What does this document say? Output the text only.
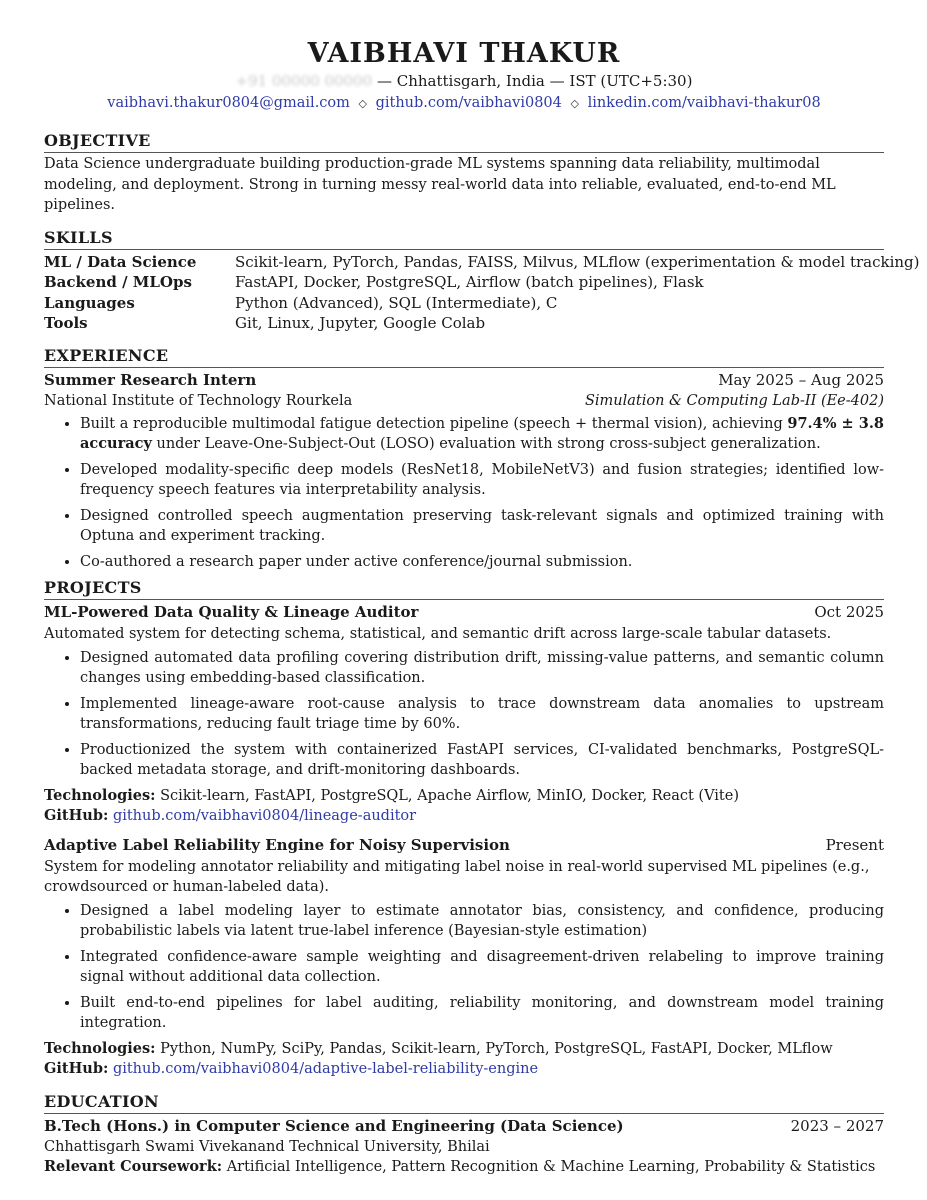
VAIBHAVI THAKUR
+91 00000 00000 — Chhattisgarh, India — IST (UTC+5:30)
vaibhavi.thakur0804@gmail.com ◇ github.com/vaibhavi0804 ◇ linkedin.com/vaibhavi-thakur08
OBJECTIVE
Data Science undergraduate building production-grade ML systems spanning data reliability, multimodal modeling, and deployment. Strong in turning messy real-world data into reliable, evaluated, end-to-end ML pipelines.
SKILLS
ML / Data Science	Scikit-learn, PyTorch, Pandas, FAISS, Milvus, MLflow (experimentation & model tracking)
Backend / MLOps	FastAPI, Docker, PostgreSQL, Airflow (batch pipelines), Flask
Languages	Python (Advanced), SQL (Intermediate), C
Tools	Git, Linux, Jupyter, Google Colab
EXPERIENCE
Summer Research Intern	May 2025 – Aug 2025
National Institute of Technology Rourkela	Simulation & Computing Lab-II (Ee-402)
• Built a reproducible multimodal fatigue detection pipeline (speech + thermal vision), achieving 97.4% ± 3.8 accuracy under Leave-One-Subject-Out (LOSO) evaluation with strong cross-subject generalization.
• Developed modality-specific deep models (ResNet18, MobileNetV3) and fusion strategies; identified low-frequency speech features via interpretability analysis.
• Designed controlled speech augmentation preserving task-relevant signals and optimized training with Optuna and experiment tracking.
• Co-authored a research paper under active conference/journal submission.
PROJECTS
ML-Powered Data Quality & Lineage Auditor	Oct 2025
Automated system for detecting schema, statistical, and semantic drift across large-scale tabular datasets.
• Designed automated data profiling covering distribution drift, missing-value patterns, and semantic column changes using embedding-based classification.
• Implemented lineage-aware root-cause analysis to trace downstream data anomalies to upstream transformations, reducing fault triage time by 60%.
• Productionized the system with containerized FastAPI services, CI-validated benchmarks, PostgreSQL-backed metadata storage, and drift-monitoring dashboards.
Technologies: Scikit-learn, FastAPI, PostgreSQL, Apache Airflow, MinIO, Docker, React (Vite)
GitHub: github.com/vaibhavi0804/lineage-auditor
Adaptive Label Reliability Engine for Noisy Supervision	Present
System for modeling annotator reliability and mitigating label noise in real-world supervised ML pipelines (e.g., crowdsourced or human-labeled data).
• Designed a label modeling layer to estimate annotator bias, consistency, and confidence, producing probabilistic labels via latent true-label inference (Bayesian-style estimation)
• Integrated confidence-aware sample weighting and disagreement-driven relabeling to improve training signal without additional data collection.
• Built end-to-end pipelines for label auditing, reliability monitoring, and downstream model training integration.
Technologies: Python, NumPy, SciPy, Pandas, Scikit-learn, PyTorch, PostgreSQL, FastAPI, Docker, MLflow
GitHub: github.com/vaibhavi0804/adaptive-label-reliability-engine
EDUCATION
B.Tech (Hons.) in Computer Science and Engineering (Data Science)	2023 – 2027
Chhattisgarh Swami Vivekanand Technical University, Bhilai
Relevant Coursework: Artificial Intelligence, Pattern Recognition & Machine Learning, Probability & Statistics
